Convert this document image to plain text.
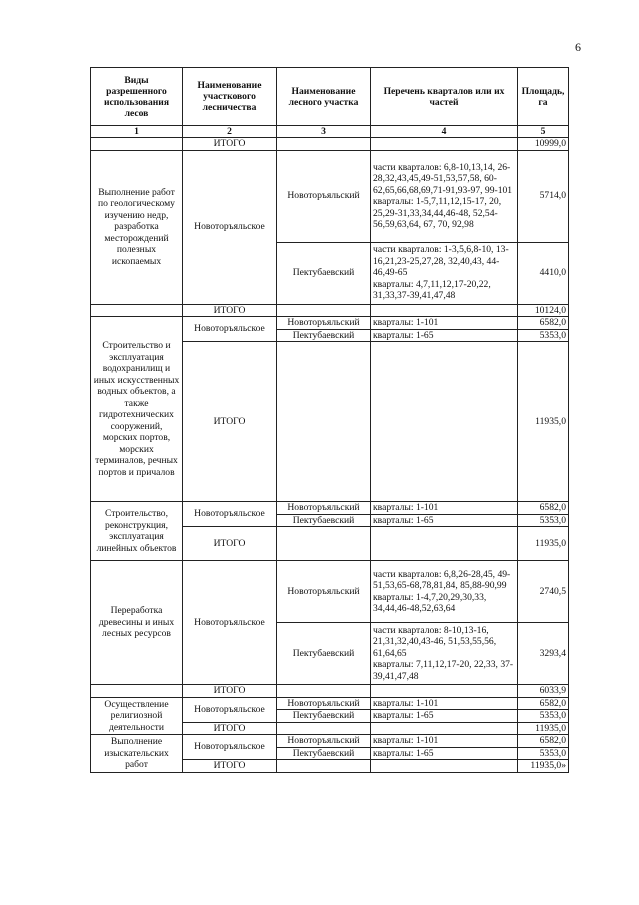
6
Виды разрешенного использования лесов	Наименование участкового лесничества	Наименование лесного участка	Перечень кварталов или их частей	Площадь, га
1	2	3	4	5
	ИТОГО			10999,0
Выполнение работ по геологическому изучению недр, разработка месторождений полезных ископаемых	Новоторъяльское	Новоторъяльский	части кварталов: 6,8-10,13,14, 26-28,32,43,45,49-51,53,57,58, 60-62,65,66,68,69,71-91,93-97, 99-101
кварталы: 1-5,7,11,12,15-17, 20, 25,29-31,33,34,44,46-48, 52,54-56,59,63,64, 67, 70, 92,98	5714,0
		Пектубаевский	части кварталов: 1-3,5,6,8-10, 13-16,21,23-25,27,28, 32,40,43, 44-46,49-65
кварталы: 4,7,11,12,17-20,22, 31,33,37-39,41,47,48	4410,0
	ИТОГО			10124,0
Строительство и эксплуатация водохранилищ и иных искусственных водных объектов, а также гидротехнических сооружений, морских портов, морских терминалов, речных портов и причалов	Новоторъяльское	Новоторъяльский	кварталы: 1-101	6582,0
		Пектубаевский	кварталы: 1-65	5353,0
	ИТОГО			11935,0
Строительство, реконструкция, эксплуатация линейных объектов	Новоторъяльское	Новоторъяльский	кварталы: 1-101	6582,0
		Пектубаевский	кварталы: 1-65	5353,0
	ИТОГО			11935,0
Переработка древесины и иных лесных ресурсов	Новоторъяльское	Новоторъяльский	части кварталов: 6,8,26-28,45, 49-51,53,65-68,78,81,84, 85,88-90,99
кварталы: 1-4,7,20,29,30,33, 34,44,46-48,52,63,64	2740,5
		Пектубаевский	части кварталов: 8-10,13-16, 21,31,32,40,43-46, 51,53,55,56, 61,64,65
кварталы: 7,11,12,17-20, 22,33, 37-39,41,47,48	3293,4
	ИТОГО			6033,9
Осуществление религиозной деятельности	Новоторъяльское	Новоторъяльский	кварталы: 1-101	6582,0
		Пектубаевский	кварталы: 1-65	5353,0
	ИТОГО			11935,0
Выполнение изыскательских работ	Новоторъяльское	Новоторъяльский	кварталы: 1-101	6582,0
		Пектубаевский	кварталы: 1-65	5353,0
	ИТОГО			11935,0»
